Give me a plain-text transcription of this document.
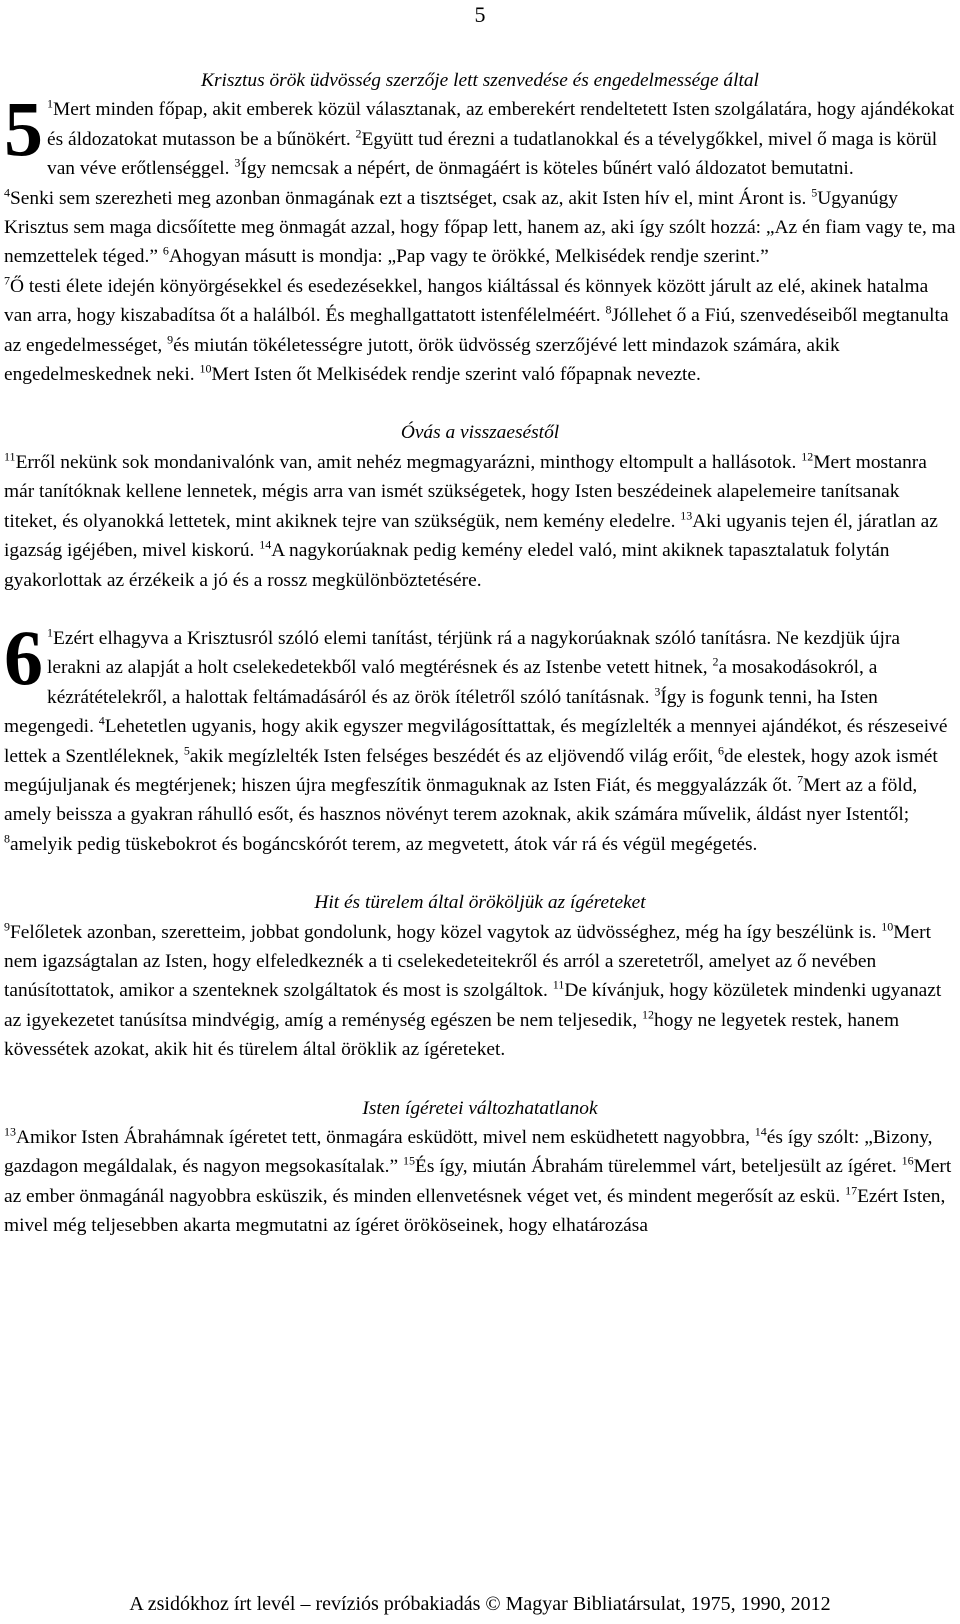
5

Krisztus örök üdvösség szerzője lett szenvedése és engedelmessége által

5 $^1$Mert minden főpap, akit emberek közül választanak, az emberekért rendeltetett Isten szolgálatára, hogy ajándékokat és áldozatokat mutasson be a bűnökért. $^2$Együtt tud érezni a tudatlanokkal és a tévelygőkkel, mivel ő maga is körül van véve erőtlenséggel. $^3$Így nemcsak a népért, de önmagáért is köteles bűnért való áldozatot bemutatni.

$^4$Senki sem szerezheti meg azonban önmagának ezt a tisztséget, csak az, akit Isten hív el, mint Áront is. $^5$Ugyanúgy Krisztus sem maga dicsőítette meg önmagát azzal, hogy főpap lett, hanem az, aki így szólt hozzá: „Az én fiam vagy te, ma nemzettelek téged.” $^6$Ahogyan másutt is mondja: „Pap vagy te örökké, Melkisédek rendje szerint.”

$^7$Ő testi élete idején könyörgésekkel és esedezésekkel, hangos kiáltással és könnyek között járult az elé, akinek hatalma van arra, hogy kiszabadítsa őt a halálból. És meghallgattatott istenfélelméért. $^8$Jóllehet ő a Fiú, szenvedéseiből megtanulta az engedelmességet, $^9$és miután tökéletességre jutott, örök üdvösség szerzőjévé lett mindazok számára, akik engedelmeskednek neki. $^{10}$Mert Isten őt Melkisédek rendje szerint való főpapnak nevezte.

Óvás a visszaeséstől

$^{11}$Erről nekünk sok mondanivalónk van, amit nehéz megmagyarázni, minthogy eltompult a hallásotok. $^{12}$Mert mostanra már tanítóknak kellene lennetek, mégis arra van ismét szükségetek, hogy Isten beszédeinek alapelemeire tanítsanak titeket, és olyanokká lettetek, mint akiknek tejre van szükségük, nem kemény eledelre. $^{13}$Aki ugyanis tejen él, járatlan az igazság igéjében, mivel kiskorú. $^{14}$A nagykorúaknak pedig kemény eledel való, mint akiknek tapasztalatuk folytán gyakorlottak az érzékeik a jó és a rossz megkülönböztetésére.

6 $^1$Ezért elhagyva a Krisztusról szóló elemi tanítást, térjünk rá a nagykorúaknak szóló tanításra. Ne kezdjük újra lerakni az alapját a holt cselekedetekből való megtérésnek és az Istenbe vetett hitnek, $^2$a mosakodásokról, a kézrátételekről, a halottak feltámadásáról és az örök ítéletről szóló tanításnak. $^3$Így is fogunk tenni, ha Isten megengedi. $^4$Lehetetlen ugyanis, hogy akik egyszer megvilágosíttattak, és megízlelték a mennyei ajándékot, és részeseivé lettek a Szentléleknek, $^5$akik megízlelték Isten felséges beszédét és az eljövendő világ erőit, $^6$de elestek, hogy azok ismét megújuljanak és megtérjenek; hiszen újra megfeszítik önmaguknak az Isten Fiát, és meggyalázzák őt. $^7$Mert az a föld, amely beissza a gyakran ráhulló esőt, és hasznos növényt terem azoknak, akik számára művelik, áldást nyer Istentől; $^8$amelyik pedig tüskebokrot és bogáncskórót terem, az megvetett, átok vár rá és végül megégetés.

Hit és türelem által örököljük az ígéreteket

$^9$Felőletek azonban, szeretteim, jobbat gondolunk, hogy közel vagytok az üdvösséghez, még ha így beszélünk is. $^{10}$Mert nem igazságtalan az Isten, hogy elfeledkeznék a ti cselekedeteitekről és arról a szeretetről, amelyet az ő nevében tanúsítottatok, amikor a szenteknek szolgáltatok és most is szolgáltok. $^{11}$De kívánjuk, hogy közületek mindenki ugyanazt az igyekezetet tanúsítsa mindvégig, amíg a reménység egészen be nem teljesedik, $^{12}$hogy ne legyetek restek, hanem kövessétek azokat, akik hit és türelem által öröklik az ígéreteket.

Isten ígéretei változhatatlanok

$^{13}$Amikor Isten Ábrahámnak ígéretet tett, önmagára esküdött, mivel nem esküdhetett nagyobbra, $^{14}$és így szólt: „Bizony, gazdagon megáldalak, és nagyon megsokasítalak.” $^{15}$És így, miután Ábrahám türelemmel várt, beteljesült az ígéret. $^{16}$Mert az ember önmagánál nagyobbra esküszik, és minden ellenvetésnek véget vet, és mindent megerősít az eskü. $^{17}$Ezért Isten, mivel még teljesebben akarta megmutatni az ígéret örököseinek, hogy elhatározása

A zsidókhoz írt levél – revíziós próbakiadás © Magyar Bibliatársulat, 1975, 1990, 2012
